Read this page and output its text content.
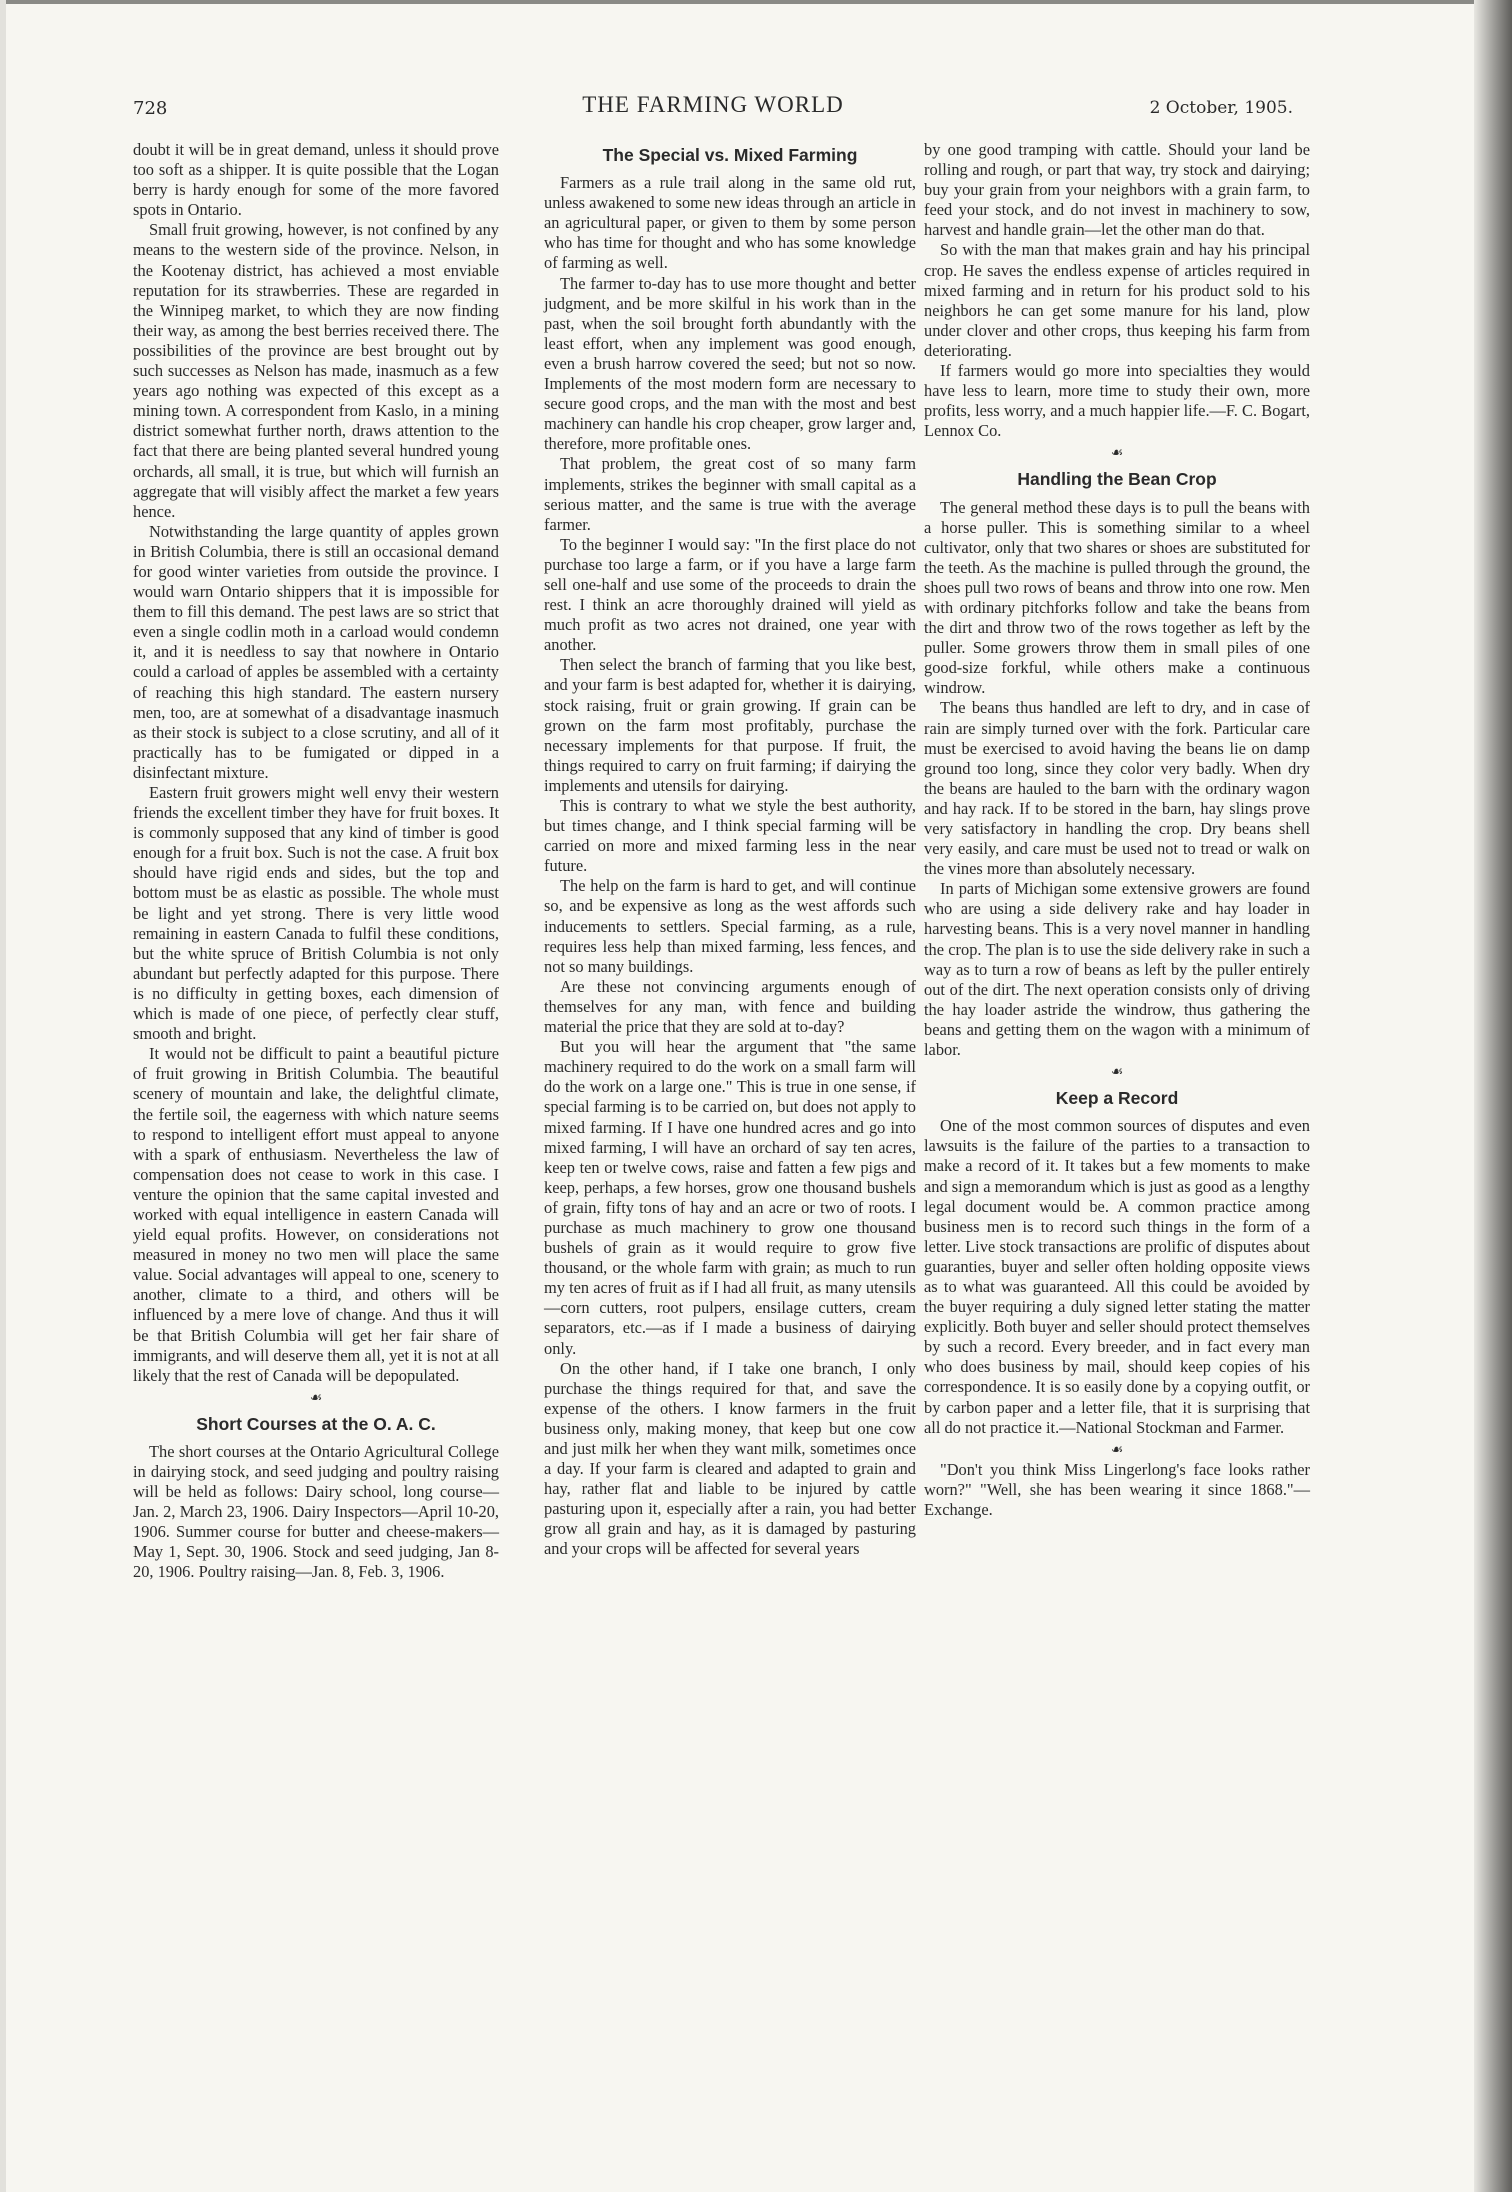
728	THE FARMING WORLD	2 October, 1905.

doubt it will be in great demand, unless it should prove too soft as a shipper. It is quite possible that the Logan berry is hardy enough for some of the more favored spots in Ontario.

Small fruit growing, however, is not confined by any means to the western side of the province. Nelson, in the Kootenay district, has achieved a most enviable reputation for its strawberries. These are regarded in the Winnipeg market, to which they are now finding their way, as among the best berries received there. The possibilities of the province are best brought out by such successes as Nelson has made, inasmuch as a few years ago nothing was expected of this except as a mining town. A correspondent from Kaslo, in a mining district somewhat further north, draws attention to the fact that there are being planted several hundred young orchards, all small, it is true, but which will furnish an aggregate that will visibly affect the market a few years hence.

Notwithstanding the large quantity of apples grown in British Columbia, there is still an occasional demand for good winter varieties from outside the province. I would warn Ontario shippers that it is impossible for them to fill this demand. The pest laws are so strict that even a single codlin moth in a carload would condemn it, and it is needless to say that nowhere in Ontario could a carload of apples be assembled with a certainty of reaching this high standard. The eastern nursery men, too, are at somewhat of a disadvantage inasmuch as their stock is subject to a close scrutiny, and all of it practically has to be fumigated or dipped in a disinfectant mixture.

Eastern fruit growers might well envy their western friends the excellent timber they have for fruit boxes. It is commonly supposed that any kind of timber is good enough for a fruit box. Such is not the case. A fruit box should have rigid ends and sides, but the top and bottom must be as elastic as possible. The whole must be light and yet strong. There is very little wood remaining in eastern Canada to fulfil these conditions, but the white spruce of British Columbia is not only abundant but perfectly adapted for this purpose. There is no difficulty in getting boxes, each dimension of which is made of one piece, of perfectly clear stuff, smooth and bright.

It would not be difficult to paint a beautiful picture of fruit growing in British Columbia. The beautiful scenery of mountain and lake, the delightful climate, the fertile soil, the eagerness with which nature seems to respond to intelligent effort must appeal to anyone with a spark of enthusiasm. Nevertheless the law of compensation does not cease to work in this case. I venture the opinion that the same capital invested and worked with equal intelligence in eastern Canada will yield equal profits. However, on considerations not measured in money no two men will place the same value. Social advantages will appeal to one, scenery to another, climate to a third, and others will be influenced by a mere love of change. And thus it will be that British Columbia will get her fair share of immigrants, and will deserve them all, yet it is not at all likely that the rest of Canada will be depopulated.

☙
Short Courses at the O. A. C.

The short courses at the Ontario Agricultural College in dairying stock, and seed judging and poultry raising will be held as follows: Dairy school, long course—Jan. 2, March 23, 1906. Dairy Inspectors—April 10-20, 1906. Summer course for butter and cheese-makers—May 1, Sept. 30, 1906. Stock and seed judging, Jan 8-20, 1906. Poultry raising—Jan. 8, Feb. 3, 1906.

The Special vs. Mixed Farming

Farmers as a rule trail along in the same old rut, unless awakened to some new ideas through an article in an agricultural paper, or given to them by some person who has time for thought and who has some knowledge of farming as well.

The farmer to-day has to use more thought and better judgment, and be more skilful in his work than in the past, when the soil brought forth abundantly with the least effort, when any implement was good enough, even a brush harrow covered the seed; but not so now. Implements of the most modern form are necessary to secure good crops, and the man with the most and best machinery can handle his crop cheaper, grow larger and, therefore, more profitable ones.

That problem, the great cost of so many farm implements, strikes the beginner with small capital as a serious matter, and the same is true with the average farmer.

To the beginner I would say: "In the first place do not purchase too large a farm, or if you have a large farm sell one-half and use some of the proceeds to drain the rest. I think an acre thoroughly drained will yield as much profit as two acres not drained, one year with another.

Then select the branch of farming that you like best, and your farm is best adapted for, whether it is dairying, stock raising, fruit or grain growing. If grain can be grown on the farm most profitably, purchase the necessary implements for that purpose. If fruit, the things required to carry on fruit farming; if dairying the implements and utensils for dairying.

This is contrary to what we style the best authority, but times change, and I think special farming will be carried on more and mixed farming less in the near future.

The help on the farm is hard to get, and will continue so, and be expensive as long as the west affords such inducements to settlers. Special farming, as a rule, requires less help than mixed farming, less fences, and not so many buildings.

Are these not convincing arguments enough of themselves for any man, with fence and building material the price that they are sold at to-day?

But you will hear the argument that "the same machinery required to do the work on a small farm will do the work on a large one." This is true in one sense, if special farming is to be carried on, but does not apply to mixed farming. If I have one hundred acres and go into mixed farming, I will have an orchard of say ten acres, keep ten or twelve cows, raise and fatten a few pigs and keep, perhaps, a few horses, grow one thousand bushels of grain, fifty tons of hay and an acre or two of roots. I purchase as much machinery to grow one thousand bushels of grain as it would require to grow five thousand, or the whole farm with grain; as much to run my ten acres of fruit as if I had all fruit, as many utensils—corn cutters, root pulpers, ensilage cutters, cream separators, etc.—as if I made a business of dairying only.

On the other hand, if I take one branch, I only purchase the things required for that, and save the expense of the others. I know farmers in the fruit business only, making money, that keep but one cow and just milk her when they want milk, sometimes once a day. If your farm is cleared and adapted to grain and hay, rather flat and liable to be injured by cattle pasturing upon it, especially after a rain, you had better grow all grain and hay, as it is damaged by pasturing and your crops will be affected for several years

by one good tramping with cattle. Should your land be rolling and rough, or part that way, try stock and dairying; buy your grain from your neighbors with a grain farm, to feed your stock, and do not invest in machinery to sow, harvest and handle grain—let the other man do that.

So with the man that makes grain and hay his principal crop. He saves the endless expense of articles required in mixed farming and in return for his product sold to his neighbors he can get some manure for his land, plow under clover and other crops, thus keeping his farm from deteriorating.

If farmers would go more into specialties they would have less to learn, more time to study their own, more profits, less worry, and a much happier life.—F. C. Bogart, Lennox Co.

☙
Handling the Bean Crop

The general method these days is to pull the beans with a horse puller. This is something similar to a wheel cultivator, only that two shares or shoes are substituted for the teeth. As the machine is pulled through the ground, the shoes pull two rows of beans and throw into one row. Men with ordinary pitchforks follow and take the beans from the dirt and throw two of the rows together as left by the puller. Some growers throw them in small piles of one good-size forkful, while others make a continuous windrow.

The beans thus handled are left to dry, and in case of rain are simply turned over with the fork. Particular care must be exercised to avoid having the beans lie on damp ground too long, since they color very badly. When dry the beans are hauled to the barn with the ordinary wagon and hay rack. If to be stored in the barn, hay slings prove very satisfactory in handling the crop. Dry beans shell very easily, and care must be used not to tread or walk on the vines more than absolutely necessary.

In parts of Michigan some extensive growers are found who are using a side delivery rake and hay loader in harvesting beans. This is a very novel manner in handling the crop. The plan is to use the side delivery rake in such a way as to turn a row of beans as left by the puller entirely out of the dirt. The next operation consists only of driving the hay loader astride the windrow, thus gathering the beans and getting them on the wagon with a minimum of labor.

☙
Keep a Record

One of the most common sources of disputes and even lawsuits is the failure of the parties to a transaction to make a record of it. It takes but a few moments to make and sign a memorandum which is just as good as a lengthy legal document would be. A common practice among business men is to record such things in the form of a letter. Live stock transactions are prolific of disputes about guaranties, buyer and seller often holding opposite views as to what was guaranteed. All this could be avoided by the buyer requiring a duly signed letter stating the matter explicitly. Both buyer and seller should protect themselves by such a record. Every breeder, and in fact every man who does business by mail, should keep copies of his correspondence. It is so easily done by a copying outfit, or by carbon paper and a letter file, that it is surprising that all do not practice it.—National Stockman and Farmer.

☙

"Don't you think Miss Lingerlong's face looks rather worn?" "Well, she has been wearing it since 1868."—Exchange.
